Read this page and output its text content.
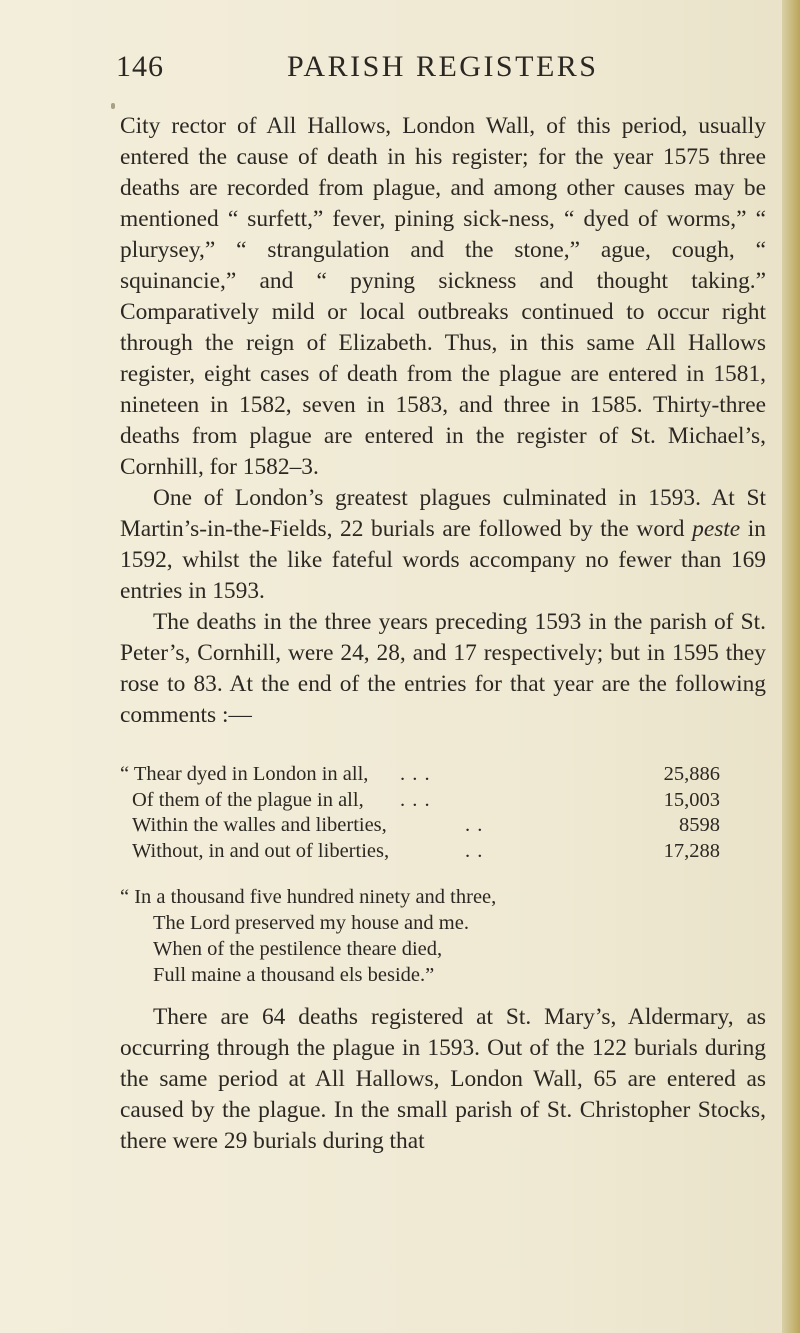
146	PARISH REGISTERS

City rector of All Hallows, London Wall, of this period, usually entered the cause of death in his register; for the year 1575 three deaths are recorded from plague, and among other causes may be mentioned “ surfett,” fever, pining sick-ness, “ dyed of worms,” “ plurysey,” “ strangulation and the stone,” ague, cough, “ squinancie,” and “ pyning sickness and thought taking.” Comparatively mild or local outbreaks continued to occur right through the reign of Elizabeth. Thus, in this same All Hallows register, eight cases of death from the plague are entered in 1581, nineteen in 1582, seven in 1583, and three in 1585. Thirty-three deaths from plague are entered in the register of St. Michael’s, Cornhill, for 1582–3.

One of London’s greatest plagues culminated in 1593. At St Martin’s-in-the-Fields, 22 burials are followed by the word peste in 1592, whilst the like fateful words accompany no fewer than 169 entries in 1593.

The deaths in the three years preceding 1593 in the parish of St. Peter’s, Cornhill, were 24, 28, and 17 respectively; but in 1595 they rose to 83. At the end of the entries for that year are the following comments :—

“ Thear dyed in London in all, . . .	25,886
Of them of the plague in all, . . .	15,003
Within the walles and liberties,	. .	8598
Without, in and out of liberties,	. .	17,288
“ In a thousand five hundred ninety and three,
The Lord preserved my house and me.
When of the pestilence theare died,
Full maine a thousand els beside.”

There are 64 deaths registered at St. Mary’s, Aldermary, as occurring through the plague in 1593. Out of the 122 burials during the same period at All Hallows, London Wall, 65 are entered as caused by the plague. In the small parish of St. Christopher Stocks, there were 29 burials during that
